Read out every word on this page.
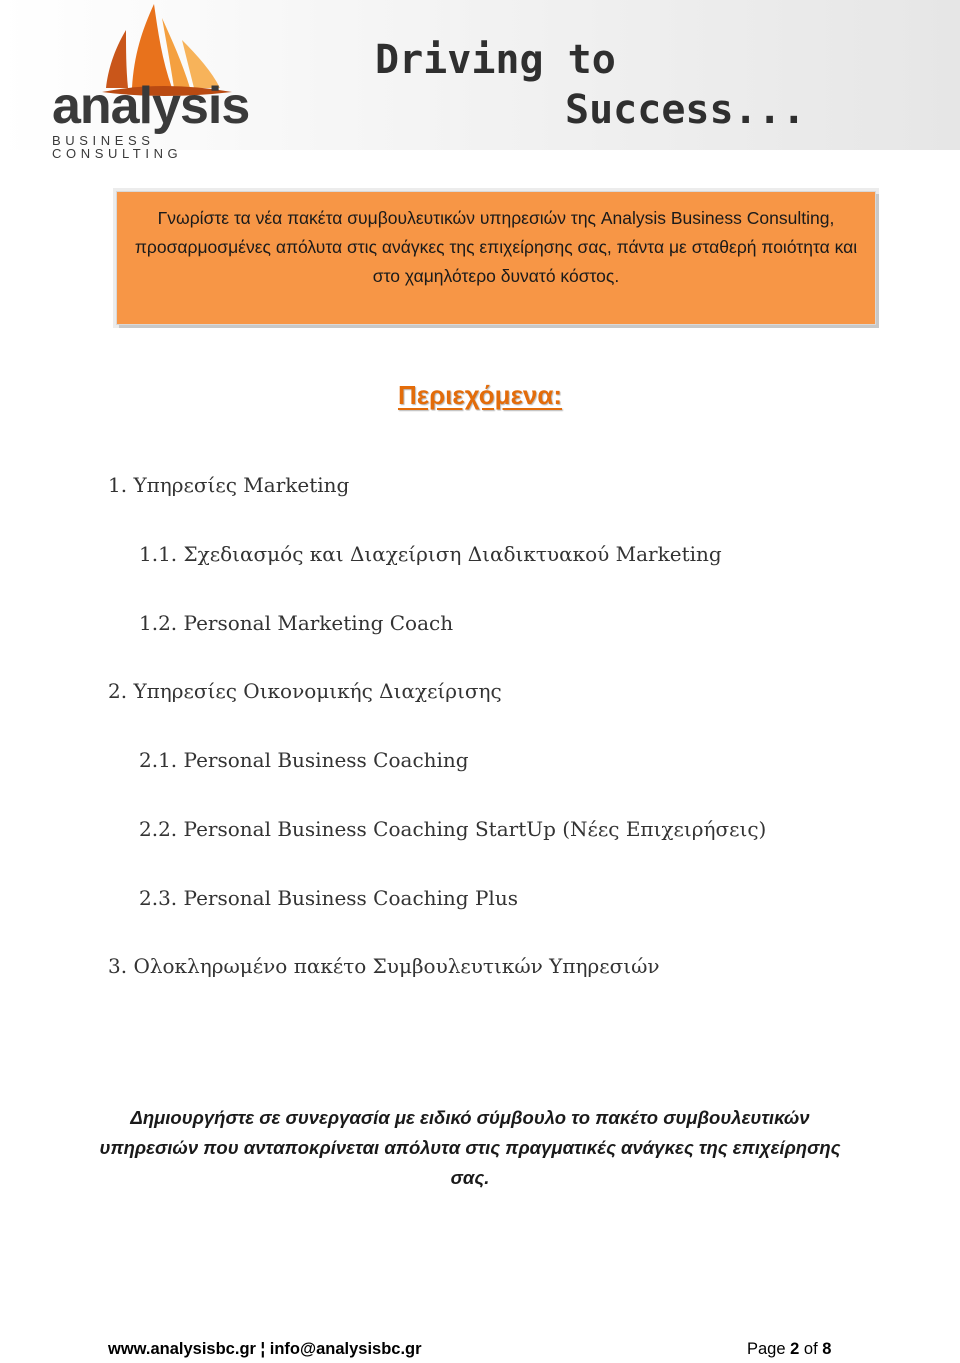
analysis
BUSINESS CONSULTING
Driving to
Success...
Γνωρίστε τα νέα πακέτα συμβουλευτικών υπηρεσιών της Analysis Business Consulting, προσαρμοσμένες απόλυτα στις ανάγκες της επιχείρησης σας, πάντα με σταθερή ποιότητα και στο χαμηλότερο δυνατό κόστος.
Περιεχόμενα:
1. Υπηρεσίες Marketing
1.1. Σχεδιασμός και Διαχείριση Διαδικτυακού Marketing
1.2. Personal Marketing Coach
2. Υπηρεσίες Οικονομικής Διαχείρισης
2.1. Personal Business Coaching
2.2. Personal Business Coaching StartUp (Νέες Επιχειρήσεις)
2.3. Personal Business Coaching Plus
3. Ολοκληρωμένο πακέτο Συμβουλευτικών Υπηρεσιών
Δημιουργήστε σε συνεργασία με ειδικό σύμβουλο το πακέτο συμβουλευτικών υπηρεσιών που ανταποκρίνεται απόλυτα στις πραγματικές ανάγκες της επιχείρησης σας.
www.analysisbc.gr ¦ info@analysisbc.gr	Page 2 of 8
